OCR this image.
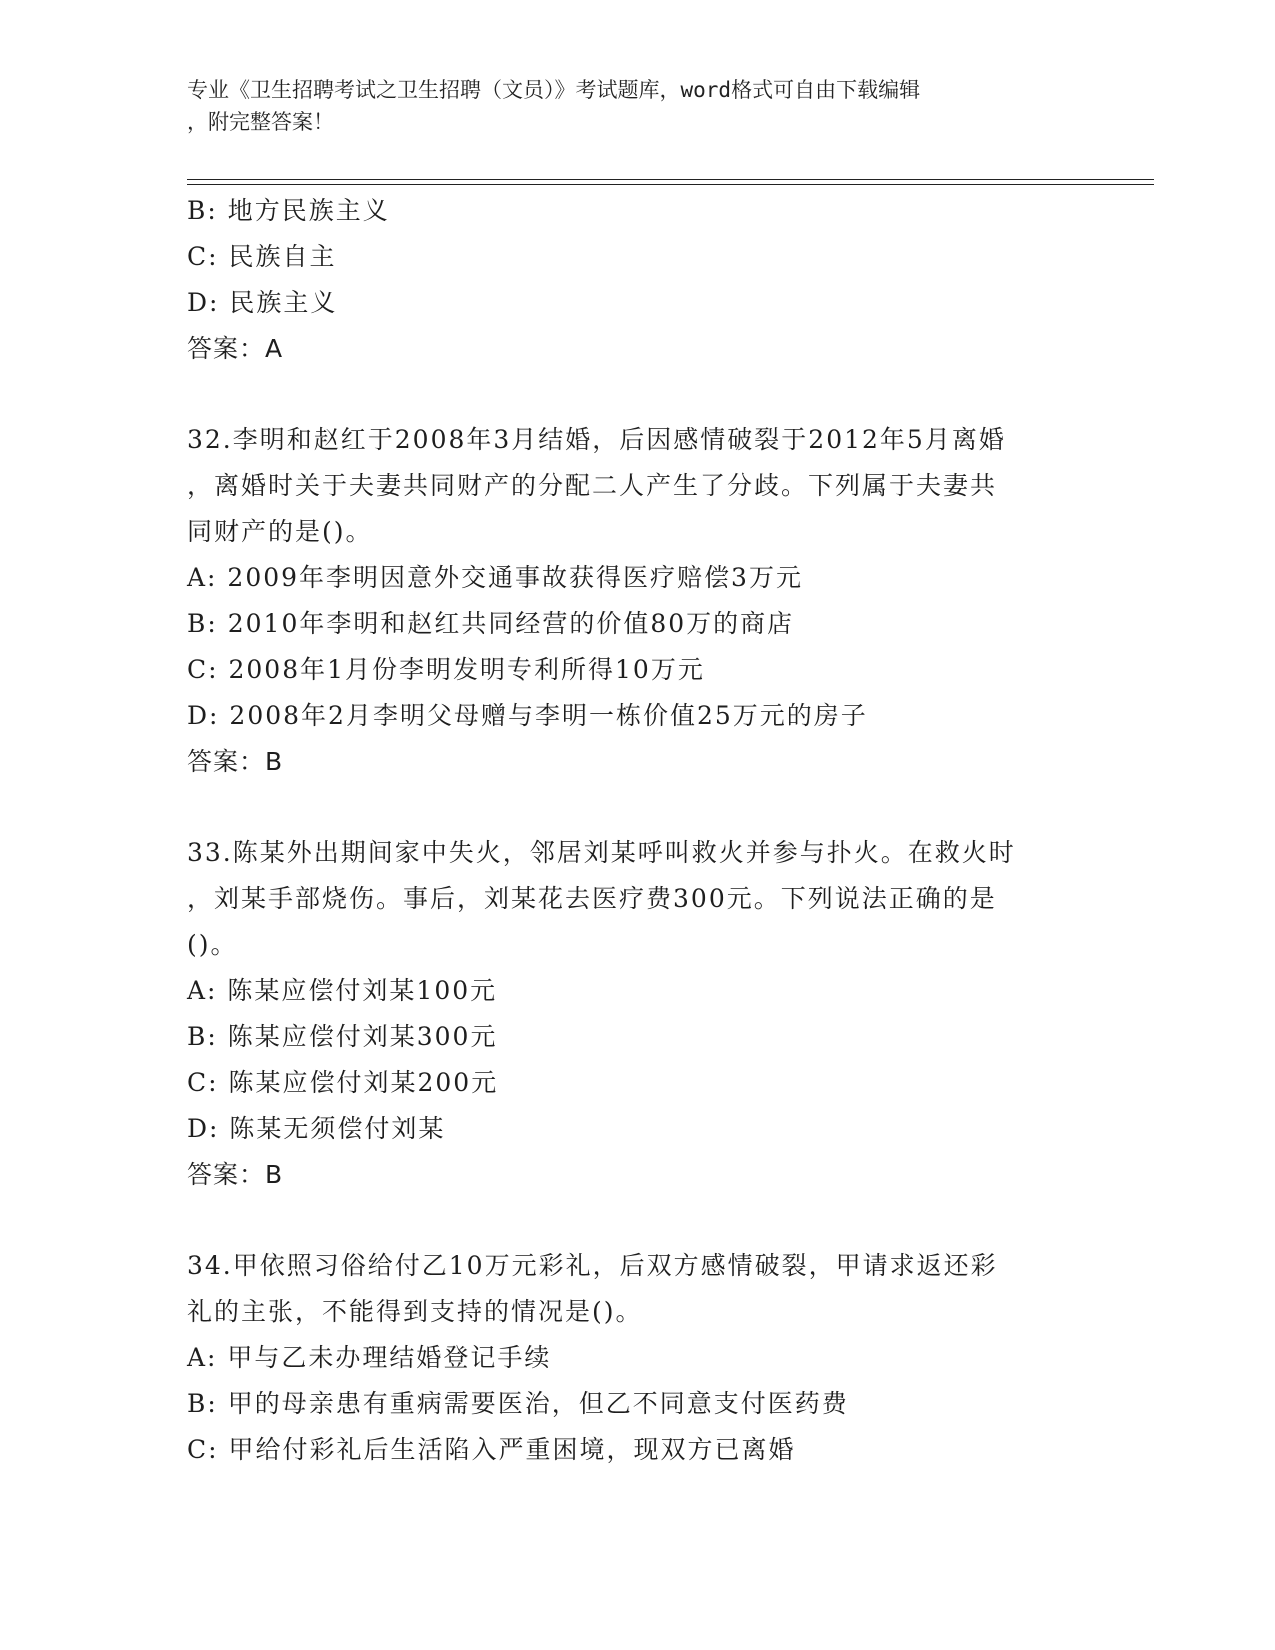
专业《卫生招聘考试之卫生招聘（文员）》考试题库，word格式可自由下载编辑
，附完整答案！
B: 地方民族主义
C: 民族自主
D: 民族主义
答案：A
32.李明和赵红于2008年3月结婚，后因感情破裂于2012年5月离婚
，离婚时关于夫妻共同财产的分配二人产生了分歧。下列属于夫妻共
同财产的是()。
A: 2009年李明因意外交通事故获得医疗赔偿3万元
B: 2010年李明和赵红共同经营的价值80万的商店
C: 2008年1月份李明发明专利所得10万元
D: 2008年2月李明父母赠与李明一栋价值25万元的房子
答案：B
33.陈某外出期间家中失火，邻居刘某呼叫救火并参与扑火。在救火时
，刘某手部烧伤。事后，刘某花去医疗费300元。下列说法正确的是
()。
A: 陈某应偿付刘某100元
B: 陈某应偿付刘某300元
C: 陈某应偿付刘某200元
D: 陈某无须偿付刘某
答案：B
34.甲依照习俗给付乙10万元彩礼，后双方感情破裂，甲请求返还彩
礼的主张，不能得到支持的情况是()。
A: 甲与乙未办理结婚登记手续
B: 甲的母亲患有重病需要医治，但乙不同意支付医药费
C: 甲给付彩礼后生活陷入严重困境，现双方已离婚
